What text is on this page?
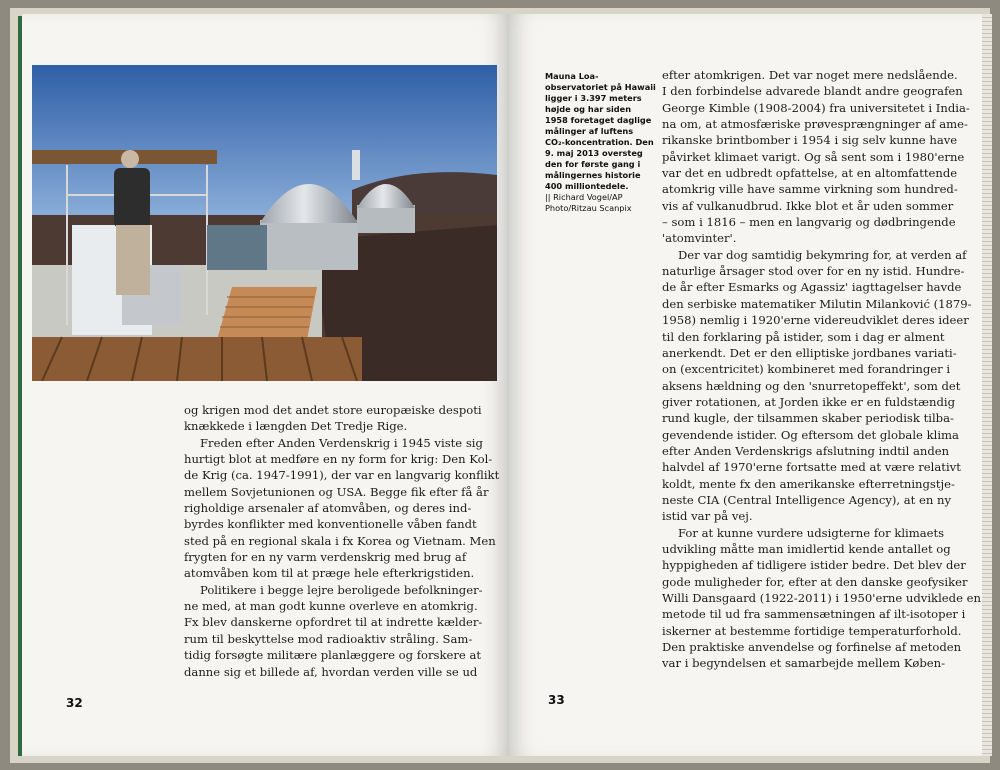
og krigen mod det andet store europæiske despoti
knækkede i længden Det Tredje Rige.
Freden efter Anden Verdenskrig i 1945 viste sig
hurtigt blot at medføre en ny form for krig: Den Kol-
de Krig (ca. 1947-1991), der var en langvarig konflikt
mellem Sovjetunionen og USA. Begge fik efter få år
righoldige arsenaler af atomvåben, og deres ind-
byrdes konflikter med konventionelle våben fandt
sted på en regional skala i fx Korea og Vietnam. Men
frygten for en ny varm verdenskrig med brug af
atomvåben kom til at præge hele efterkrigstiden.
Politikere i begge lejre beroligede befolkninger-
ne med, at man godt kunne overleve en atomkrig.
Fx blev danskerne opfordret til at indrette kælder-
rum til beskyttelse mod radioaktiv stråling. Sam-
tidig forsøgte militære planlæggere og forskere at
danne sig et billede af, hvordan verden ville se ud
32
Mauna Loa-
observatoriet på Hawaii
ligger i 3.397 meters
højde og har siden
1958 foretaget daglige
målinger af luftens
CO₂-koncentration. Den
9. maj 2013 oversteg
den for første gang i
målingernes historie
400 milliontedele.
|| Richard Vogel/AP
Photo/Ritzau Scanpix
efter atomkrigen. Det var noget mere nedslående.
I den forbindelse advarede blandt andre geografen
George Kimble (1908-2004) fra universitetet i India-
na om, at atmosfæriske prøvesprængninger af ame-
rikanske brintbomber i 1954 i sig selv kunne have
påvirket klimaet varigt. Og så sent som i 1980'erne
var det en udbredt opfattelse, at en altomfattende
atomkrig ville have samme virkning som hundred-
vis af vulkanudbrud. Ikke blot et år uden sommer
– som i 1816 – men en langvarig og dødbringende
'atomvinter'.
Der var dog samtidig bekymring for, at verden af
naturlige årsager stod over for en ny istid. Hundre-
de år efter Esmarks og Agassiz' iagttagelser havde
den serbiske matematiker Milutin Milanković (1879-
1958) nemlig i 1920'erne videreudviklet deres ideer
til den forklaring på istider, som i dag er alment
anerkendt. Det er den elliptiske jordbanes variati-
on (excentricitet) kombineret med forandringer i
aksens hældning og den 'snurretopeffekt', som det
giver rotationen, at Jorden ikke er en fuldstændig
rund kugle, der tilsammen skaber periodisk tilba-
gevendende istider. Og eftersom det globale klima
efter Anden Verdenskrigs afslutning indtil anden
halvdel af 1970'erne fortsatte med at være relativt
koldt, mente fx den amerikanske efterretningstje-
neste CIA (Central Intelligence Agency), at en ny
istid var på vej.
For at kunne vurdere udsigterne for klimaets
udvikling måtte man imidlertid kende antallet og
hyppigheden af tidligere istider bedre. Det blev der
gode muligheder for, efter at den danske geofysiker
Willi Dansgaard (1922-2011) i 1950'erne udviklede en
metode til ud fra sammensætningen af ilt-isotoper i
iskerner at bestemme fortidige temperaturforhold.
Den praktiske anvendelse og forfinelse af metoden
var i begyndelsen et samarbejde mellem Køben-
33
